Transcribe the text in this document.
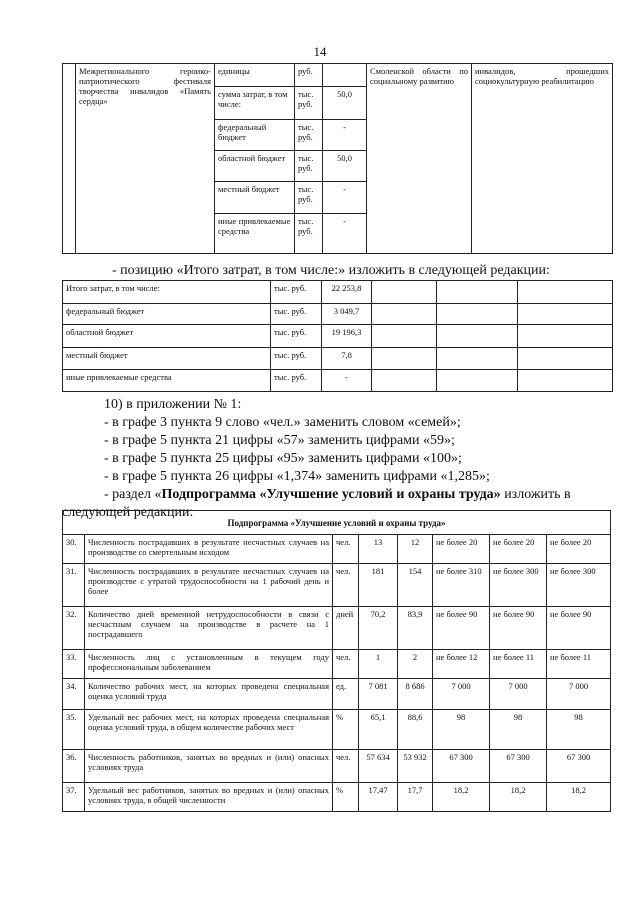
14
	Межрегионального героико-патриотического фестиваля творчества инвалидов «Память сердца»	единицы	руб.		Смоленской области по социальному развитию	инвалидов, прошедших социокультурную реабилитацию
		сумма затрат, в том числе:	тыс. руб.	50,0		
		федеральный бюджет	тыс. руб.	-		
		областной бюджет	тыс. руб.	50,0		
		местный бюджет	тыс. руб.	-		
		иные привлекаемые средства	тыс. руб.	-		
- позицию «Итого затрат, в том числе:» изложить в следующей редакции:
Итого затрат, в том числе:	тыс. руб.	22 253,8			
федеральный бюджет	тыс. руб.	3 049,7			
областной бюджет	тыс. руб.	19 196,3			
местный бюджет	тыс. руб.	7,8			
иные привлекаемые средства	тыс. руб.	-			
10) в приложении № 1:
- в графе 3 пункта 9 слово «чел.» заменить словом «семей»;
- в графе 5 пункта 21 цифры «57» заменить цифрами «59»;
- в графе 5 пункта 25 цифры «95» заменить цифрами «100»;
- в графе 5 пункта 26 цифры «1,374» заменить цифрами «1,285»;
- раздел «Подпрограмма «Улучшение условий и охраны труда» изложить в
следующей редакции:
Подпрограмма «Улучшение условий и охраны труда»							
30.	Численность пострадавших в результате несчастных случаев на производстве со смертельным исходом	чел.	13	12	не более 20	не более 20	не более 20
31.	Численность пострадавших в результате несчастных случаев на производстве с утратой трудоспособности на 1 рабочий день и более	чел.	181	154	не более 310	не более 300	не более 300
32.	Количество дней временной нетрудоспособности в связи с несчастным случаем на производстве в расчете на 1 пострадавшего	дней	70,2	83,9	не более 90	не более 90	не более 90
33.	Численность лиц с установленным в текущем году профессиональным заболеванием	чел.	1	2	не более 12	не более 11	не более 11
34.	Количество рабочих мест, на которых проведена специальная оценка условий труда	ед.	7 081	8 686	7 000	7 000	7 000
35.	Удельный вес рабочих мест, на которых проведена специальная оценка условий труда, в общем количестве рабочих мест	%	65,1	88,6	98	98	98
36.	Численность работников, занятых во вредных и (или) опасных условиях труда	чел.	57 634	53 932	67 300	67 300	67 300
37.	Удельный вес работников, занятых во вредных и (или) опасных условиях труда, в общей численности	%	17,47	17,7	18,2	18,2	18,2
